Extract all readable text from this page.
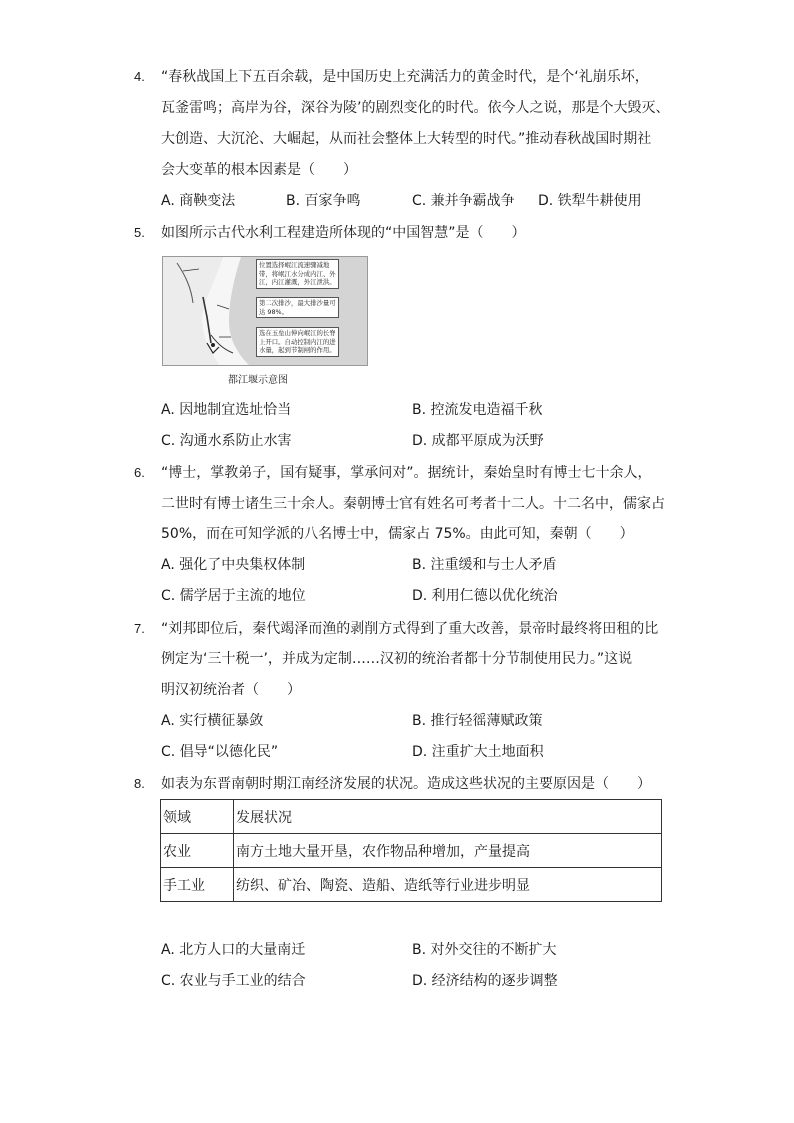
4. “春秋战国上下五百余载，是中国历史上充满活力的黄金时代，是个‘礼崩乐坏，
瓦釜雷鸣；高岸为谷，深谷为陵’的剧烈变化的时代。依今人之说，那是个大毁灭、
大创造、大沉沦、大崛起，从而社会整体上大转型的时代。”推动春秋战国时期社
会大变革的根本因素是（　　）
A. 商鞅变法	B. 百家争鸣	C. 兼并争霸战争 D. 铁犁牛耕使用
5. 如图所示古代水利工程建造所体现的“中国智慧”是（　　）
位置选择岷江流速骤减地
带，将岷江水分成内江、外
江，内江灌溉，外江泄洪。
第二次排沙，最大排沙量可
达 98%。
选在玉垒山伸向岷江的长脊
上开口。自动控制内江的进
水量，起到节制闸的作用。
都江堰示意图
A. 因地制宜选址恰当	B. 控流发电造福千秋
C. 沟通水系防止水害	D. 成都平原成为沃野
6. “博士，掌教弟子，国有疑事，掌承问对”。据统计，秦始皇时有博士七十余人，
二世时有博士诸生三十余人。秦朝博士官有姓名可考者十二人。十二名中，儒家占
50%，而在可知学派的八名博士中，儒家占 75%。由此可知，秦朝（　　）
A. 强化了中央集权体制	B. 注重缓和与士人矛盾
C. 儒学居于主流的地位	D. 利用仁德以优化统治
7. “刘邦即位后，秦代竭泽而渔的剥削方式得到了重大改善，景帝时最终将田租的比
例定为‘三十税一’，并成为定制……汉初的统治者都十分节制使用民力。”这说
明汉初统治者（　　）
A. 实行横征暴敛	B. 推行轻徭薄赋政策
C. 倡导“以德化民”	D. 注重扩大土地面积
8. 如表为东晋南朝时期江南经济发展的状况。造成这些状况的主要原因是（　　）
领域	发展状况
农业	南方土地大量开垦，农作物品种增加，产量提高
手工业	纺织、矿冶、陶瓷、造船、造纸等行业进步明显
A. 北方人口的大量南迁	B. 对外交往的不断扩大
C. 农业与手工业的结合	D. 经济结构的逐步调整
